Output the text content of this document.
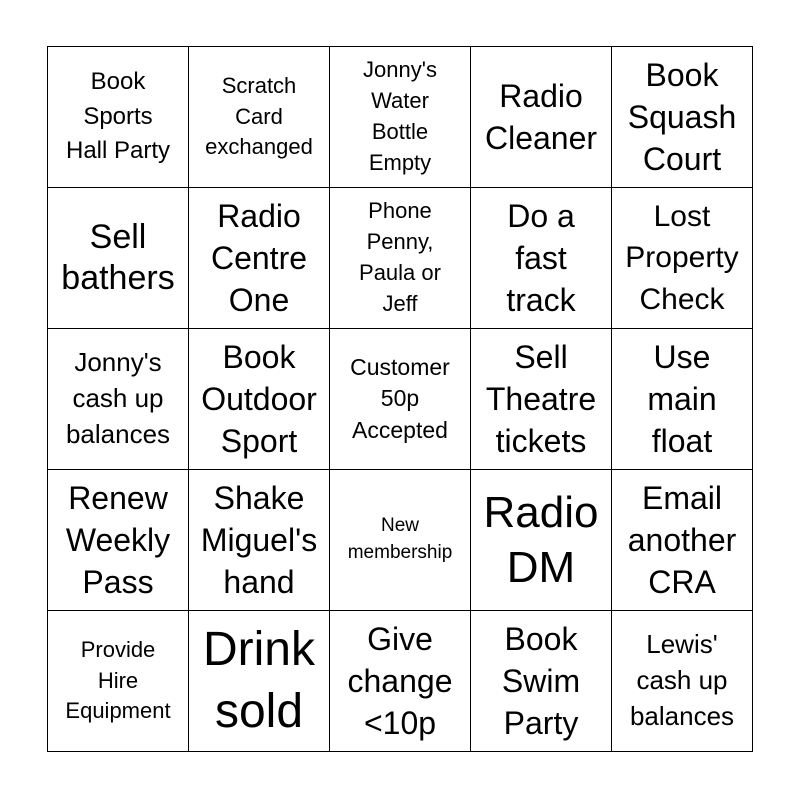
Book
Sports
Hall Party
Scratch
Card
exchanged
Jonny's
Water
Bottle
Empty
Radio
Cleaner
Book
Squash
Court
Sell
bathers
Radio
Centre
One
Phone
Penny,
Paula or
Jeff
Do a
fast
track
Lost
Property
Check
Jonny's
cash up
balances
Book
Outdoor
Sport
Customer
50p
Accepted
Sell
Theatre
tickets
Use
main
float
Renew
Weekly
Pass
Shake
Miguel's
hand
New
membership
Radio
DM
Email
another
CRA
Provide
Hire
Equipment
Drink
sold
Give
change
<10p
Book
Swim
Party
Lewis'
cash up
balances
